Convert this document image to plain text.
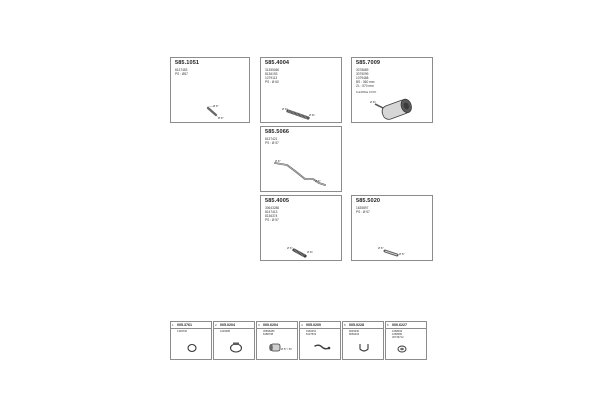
585.1051
8137453
PS : Ø57
Ø 57
Ø 57
585.4004
31355060
8136193
1079113
PS : Ø 60
Ø 60
Ø 60
585.7009
3078689
3079099
1079468
BS : 360 mm
ZL : 570 mm
FLEXIBLE JOINT
Ø 60
585.5066
8137421
PS : Ø 57
Ø 57
Ø 57
585.4005
30643286
8147413
8136374
PS : Ø 57
Ø 57
Ø 60
585.5020
1635897
PS : Ø 57
Ø 57
Ø 57
1 005.3761
1339700
2 005.0204
1629486
3 000.6204
30895286
8188738
Ø 57 / 58
4 005.0200
9166451
8137519
5 005.0228
9049330
8066403
6 000.6227
1668093
1668080
30749712
